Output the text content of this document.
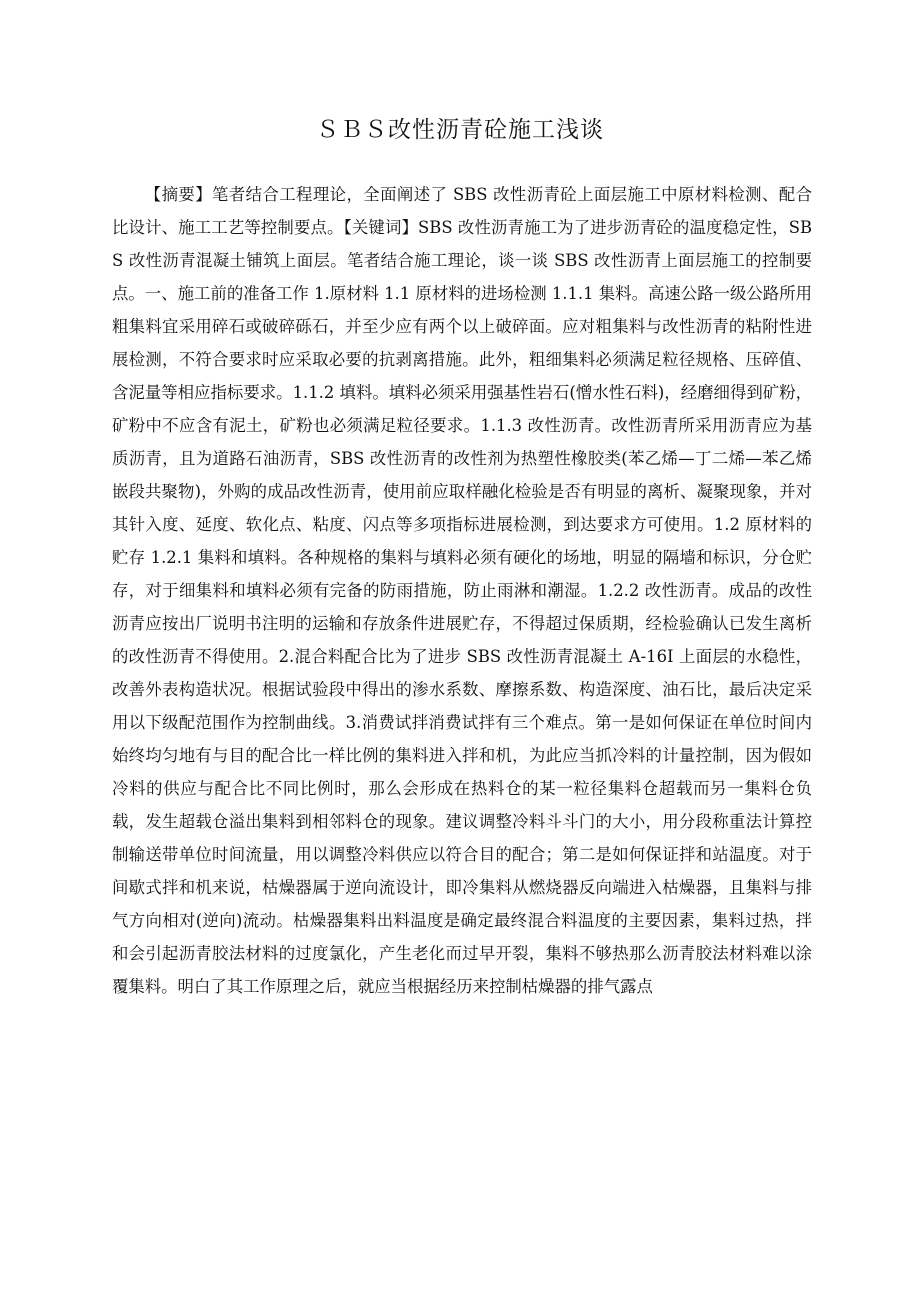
ＳＢＳ改性沥青砼施工浅谈

【摘要】笔者结合工程理论，全面阐述了 SBS 改性沥青砼上面层施工中原材料检测、配合比设计、施工工艺等控制要点。【关键词】SBS 改性沥青施工为了进步沥青砼的温度稳定性，SBS 改性沥青混凝土铺筑上面层。笔者结合施工理论，谈一谈 SBS 改性沥青上面层施工的控制要点。一、施工前的准备工作 1.原材料 1.1 原材料的进场检测 1.1.1 集料。高速公路一级公路所用粗集料宜采用碎石或破碎砾石，并至少应有两个以上破碎面。应对粗集料与改性沥青的粘附性进展检测，不符合要求时应采取必要的抗剥离措施。此外，粗细集料必须满足粒径规格、压碎值、含泥量等相应指标要求。1.1.2 填料。填料必须采用强基性岩石(憎水性石料)，经磨细得到矿粉，矿粉中不应含有泥土，矿粉也必须满足粒径要求。1.1.3 改性沥青。改性沥青所采用沥青应为基质沥青，且为道路石油沥青，SBS 改性沥青的改性剂为热塑性橡胶类(苯乙烯—丁二烯—苯乙烯嵌段共聚物)，外购的成品改性沥青，使用前应取样融化检验是否有明显的离析、凝聚现象，并对其针入度、延度、软化点、粘度、闪点等多项指标进展检测，到达要求方可使用。1.2 原材料的贮存 1.2.1 集料和填料。各种规格的集料与填料必须有硬化的场地，明显的隔墙和标识，分仓贮存，对于细集料和填料必须有完备的防雨措施，防止雨淋和潮湿。1.2.2 改性沥青。成品的改性沥青应按出厂说明书注明的运输和存放条件进展贮存，不得超过保质期，经检验确认已发生离析的改性沥青不得使用。2.混合料配合比为了进步 SBS 改性沥青混凝土 A-16I 上面层的水稳性，改善外表构造状况。根据试验段中得出的渗水系数、摩擦系数、构造深度、油石比，最后决定采用以下级配范围作为控制曲线。3.消费试拌消费试拌有三个难点。第一是如何保证在单位时间内始终均匀地有与目的配合比一样比例的集料进入拌和机，为此应当抓冷料的计量控制，因为假如冷料的供应与配合比不同比例时，那么会形成在热料仓的某一粒径集料仓超载而另一集料仓负载，发生超载仓溢出集料到相邻料仓的现象。建议调整冷料斗斗门的大小，用分段称重法计算控制输送带单位时间流量，用以调整冷料供应以符合目的配合；第二是如何保证拌和站温度。对于间歇式拌和机来说，枯燥器属于逆向流设计，即冷集料从燃烧器反向端进入枯燥器，且集料与排气方向相对(逆向)流动。枯燥器集料出料温度是确定最终混合料温度的主要因素，集料过热，拌和会引起沥青胶法材料的过度氯化，产生老化而过早开裂，集料不够热那么沥青胶法材料难以涂覆集料。明白了其工作原理之后，就应当根据经历来控制枯燥器的排气露点
